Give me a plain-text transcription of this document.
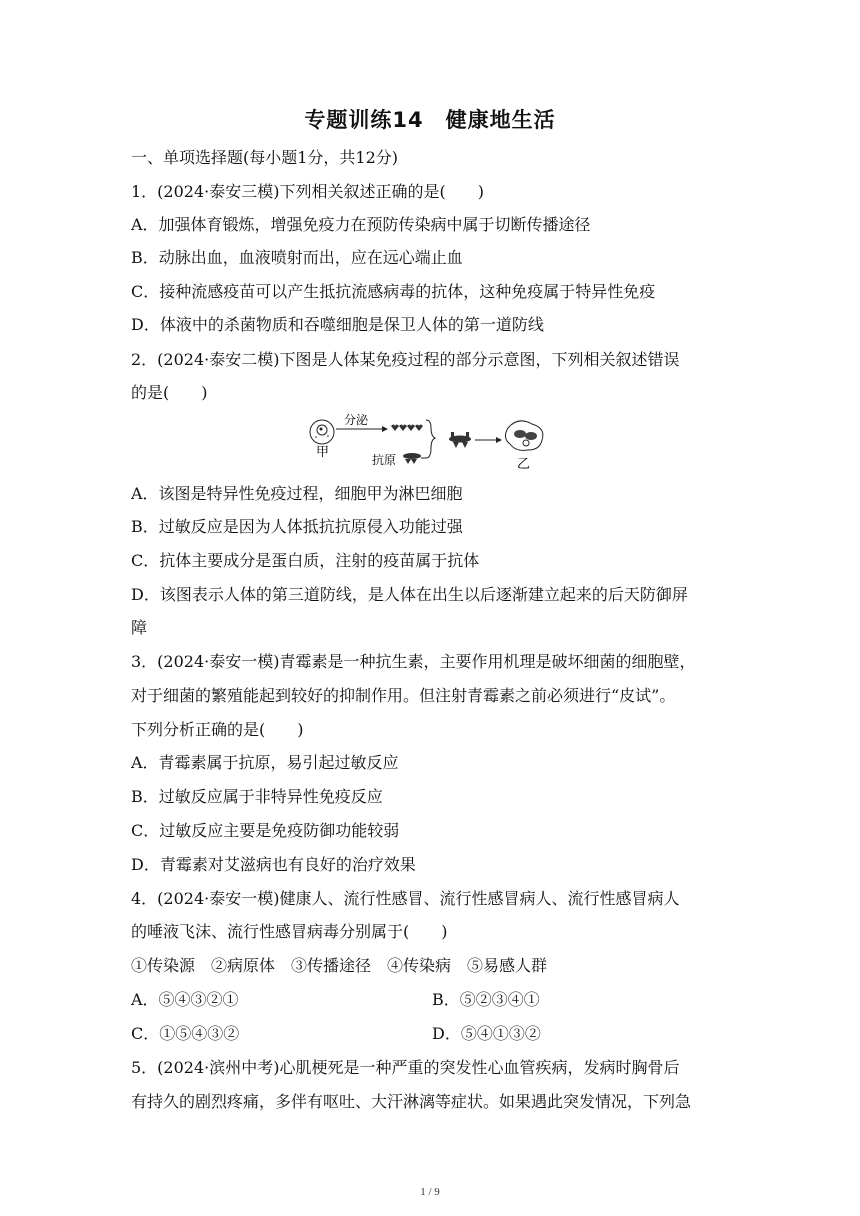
专题训练14　健康地生活
一、单项选择题(每小题1分，共12分)
1．(2024·泰安三模)下列相关叙述正确的是(　　)
A．加强体育锻炼，增强免疫力在预防传染病中属于切断传播途径
B．动脉出血，血液喷射而出，应在远心端止血
C．接种流感疫苗可以产生抵抗流感病毒的抗体，这种免疫属于特异性免疫
D．体液中的杀菌物质和吞噬细胞是保卫人体的第一道防线
2．(2024·泰安二模)下图是人体某免疫过程的部分示意图，下列相关叙述错误
的是(　　)
甲
分泌
抗原	乙
A．该图是特异性免疫过程，细胞甲为淋巴细胞
B．过敏反应是因为人体抵抗抗原侵入功能过强
C．抗体主要成分是蛋白质，注射的疫苗属于抗体
D．该图表示人体的第三道防线，是人体在出生以后逐渐建立起来的后天防御屏
障
3．(2024·泰安一模)青霉素是一种抗生素，主要作用机理是破坏细菌的细胞壁，
对于细菌的繁殖能起到较好的抑制作用。但注射青霉素之前必须进行“皮试”。
下列分析正确的是(　　)
A．青霉素属于抗原，易引起过敏反应
B．过敏反应属于非特异性免疫反应
C．过敏反应主要是免疫防御功能较弱
D．青霉素对艾滋病也有良好的治疗效果
4．(2024·泰安一模)健康人、流行性感冒、流行性感冒病人、流行性感冒病人
的唾液飞沫、流行性感冒病毒分别属于(　　)
①传染源　②病原体　③传播途径　④传染病　⑤易感人群
A．⑤④③②①	B．⑤②③④①
C．①⑤④③②	D．⑤④①③②
5．(2024·滨州中考)心肌梗死是一种严重的突发性心血管疾病，发病时胸骨后
有持久的剧烈疼痛，多伴有呕吐、大汗淋漓等症状。如果遇此突发情况，下列急
1 / 9
